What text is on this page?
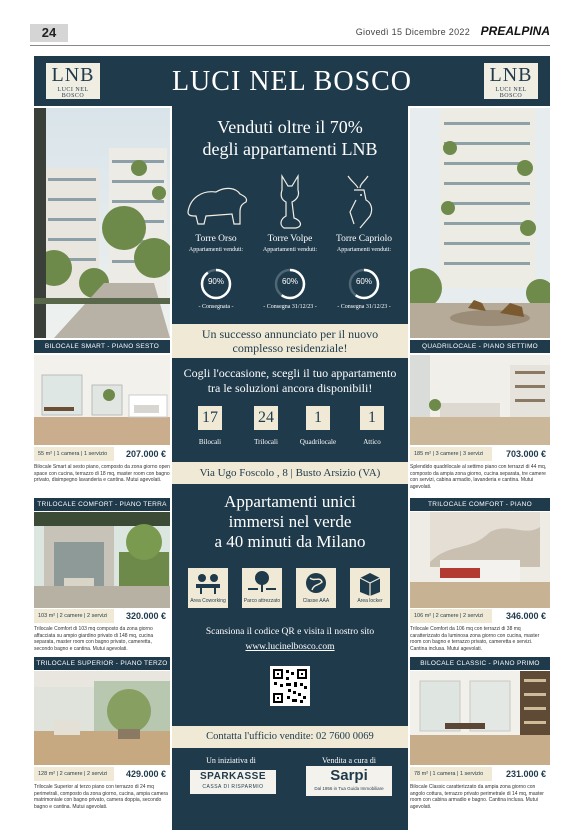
24	Giovedì 15 Dicembre 2022 PREALPINA
LNB
LUCI NEL BOSCO	LUCI NEL BOSCO	LNB
LUCI NEL BOSCO
BILOCALE SMART - PIANO SESTO
55 m² | 1 camera | 1 servizio	207.000 €
Bilocale Smart al sesto piano, composto da zona giorno open space con cucina, terrazzo di 18 mq, master room con bagno privato, disimpegno lavanderia e cantina. Mutui agevolati.
TRILOCALE COMFORT - PIANO TERRA
103 m² | 2 camere | 2 servizi	320.000 €
Trilocale Comfort di 103 mq composto da zona giorno affacciata su ampio giardino privato di 148 mq, cucina separata, master room con bagno privato, cameretta, secondo bagno e cantina. Mutui agevolati.
TRILOCALE SUPERIOR - PIANO TERZO
128 m² | 2 camere | 2 servizi	429.000 €
Trilocale Superior al terzo piano con terrazzo di 24 mq perimetrali, composto da zona giorno, cucina, ampia camera matrimoniale con bagno privato, camera doppia, secondo bagno e cantina. Mutui agevolati.
Venduti oltre il 70%
degli appartamenti LNB
Torre Orso
Appartamenti venduti:
Torre Volpe
Appartamenti venduti:
Torre Capriolo
Appartamenti venduti:
90%	60%	60%
- Consegnata -	- Consegna 31/12/23 -	- Consegna 31/12/23 -
Un successo annunciato per il nuovo
complesso residenziale!
Cogli l'occasione, scegli il tuo appartamento
tra le soluzioni ancora disponibili!
17	24	1	1
Bilocali	Trilocali	Quadrilocale	Attico
Via Ugo Foscolo , 8 | Busto Arsizio (VA)
Appartamenti unici
immersi nel verde
a 40 minuti da Milano
Area Coworking	Parco attrezzato	Classe AAA	Area locker
Scansiona il codice QR e visita il nostro sito
www.lucinelbosco.com
Contatta l'ufficio vendite: 02 7600 0069
Un iniziativa di	Vendita a cura di
SPARKASSE
CASSA DI RISPARMIO
Sarpi
Dal 1956 in Tua Guida Immobiliare
QUADRILOCALE - PIANO SETTIMO
185 m² | 3 camere | 3 servizi	703.000 €
Splendido quadrilocale al settimo piano con terrazzi di 44 mq, composto da ampia zona giorno, cucina separata, tre camere con servizi, cabina armadio, lavanderia e cantina. Mutui agevolati.
TRILOCALE COMFORT - PIANO
106 m² | 2 camere | 2 servizi	346.000 €
Trilocale Comfort da 106 mq con terrazzi di 38 mq caratterizzato da luminosa zona giorno con cucina, master room con bagno e terrazzo privato, cameretta e servizi. Cantina inclusa. Mutui agevolati.
BILOCALE CLASSIC - PIANO PRIMO
78 m² | 1 camera | 1 servizio	231.000 €
Bilocale Classic caratterizzato da ampia zona giorno con angolo cottura, terrazzo privato perimetrale di 14 mq, master room con cabina armadio e bagno. Cantina inclusa. Mutui agevolati.
